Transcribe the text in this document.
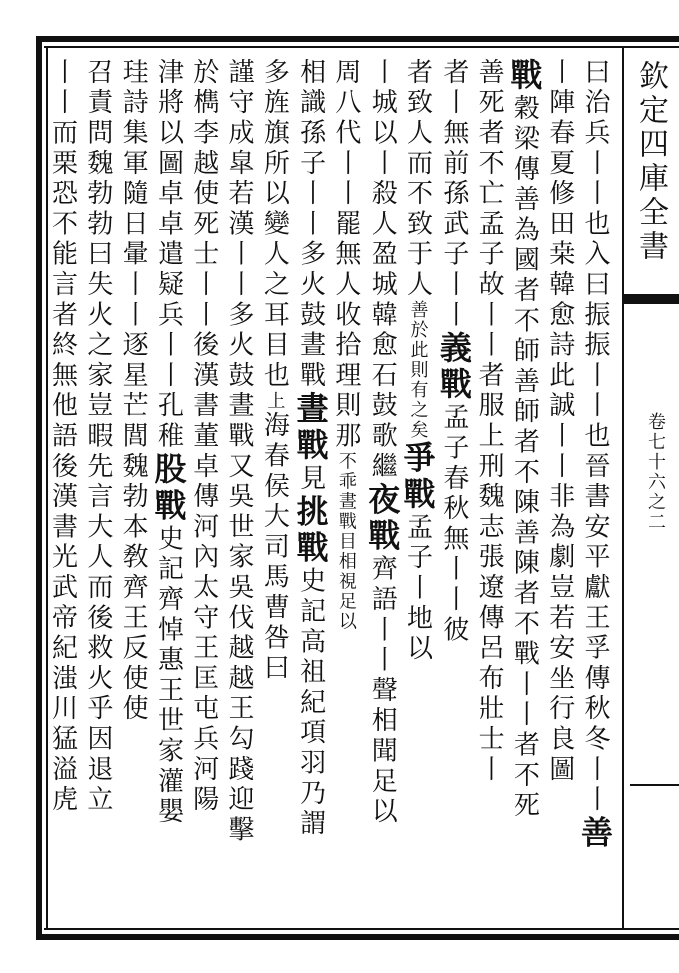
欽定四庫全書
卷七十六之二
曰治兵丨丨也入曰振振丨丨也晉書安平獻王孚傳秋冬丨丨善
丨陣春夏修田桒韓愈詩此誠丨丨非為劇豈若安坐行良圖
戰穀梁傳善為國者不師善師者不陳善陳者不戰丨丨者不死
善死者不亡孟子故丨丨者服上刑魏志張遼傳呂布壯士丨
者丨無前孫武子丨丨義戰孟子春秋無丨丨彼
者致人而不致于人善於此則有之矣爭戰孟子丨地以
丨城以丨殺人盈城韓愈石鼓歌繼夜戰齊語丨丨聲相聞足以
周八代丨丨罷無人收拾理則那不乖晝戰目相視足以
相識孫子丨丨多火鼓晝戰晝戰見挑戰史記高祖紀項羽乃謂
多旌旗所以變人之耳目也上海春侯大司馬曹咎曰
謹守成皐若漢丨丨多火鼓晝戰又吳世家吳伐越越王勾踐迎擊
於檇李越使死士丨丨後漢書董卓傳河內太守王匡屯兵河陽
津將以圖卓卓遣疑兵丨丨孔稚股戰史記齊悼惠王世家灌嬰
珪詩集軍隨日暈丨丨逐星芒閭魏勃本敎齊王反使使
召責問魏勃勃曰失火之家豈暇先言大人而後救火乎因退立
丨丨而栗恐不能言者終無他語後漢書光武帝紀滍川猛溢虎
